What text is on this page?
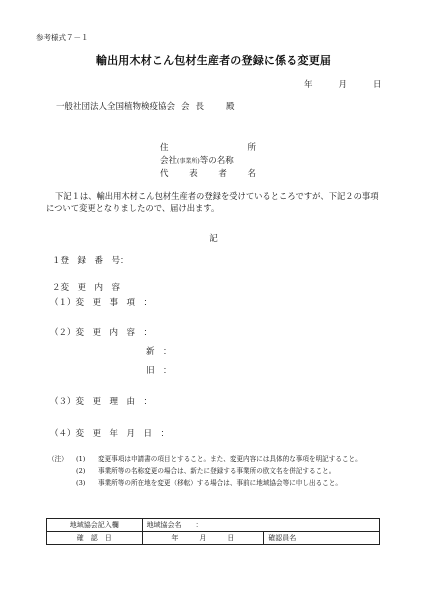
参考様式７－１
輸出用木材こん包材生産者の登録に係る変更届
年	月	日
一般社団法人全国植物検疫協会 会長 殿
住所
会社(事業所)等の名称
代表者名
下記１は、輸出用木材こん包材生産者の登録を受けているところですが、下記２の事項について変更となりましたので、届け出ます。
記
１登　録　番　号：
２変　更　内　容
（１）変　更　事　項　：
（２）変　更　内　容　：
新　：
旧　：
（３）変　更　理　由　：
（４）変　更　年　月　日　：
（注）	(1)	変更事項は申請書の項目とすること。また、変更内容には具体的な事項を明記すること。
(2)	事業所等の名称変更の場合は、新たに登録する事業所の欧文名を併記すること。
(3)	事業所等の所在地を変更（移転）する場合は、事前に地域協会等に申し出ること。
地域協会記入欄	地域協会名　　：	
確　認　日	年　　　月　　　日	確認員名
